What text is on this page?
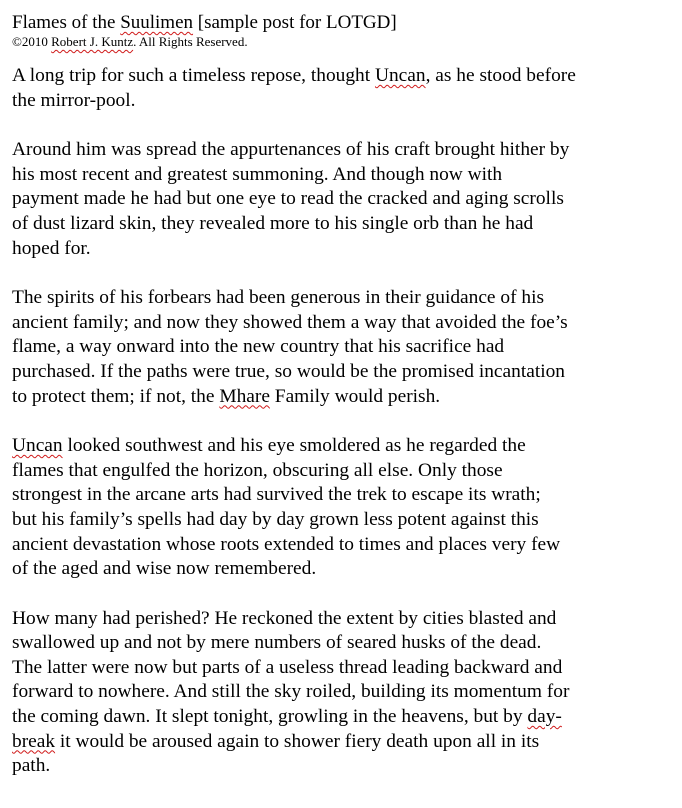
Flames of the Suulimen [sample post for LOTGD]

©2010 Robert J. Kuntz. All Rights Reserved.

A long trip for such a timeless repose, thought Uncan, as he stood before
the mirror-pool.

Around him was spread the appurtenances of his craft brought hither by
his most recent and greatest summoning. And though now with
payment made he had but one eye to read the cracked and aging scrolls
of dust lizard skin, they revealed more to his single orb than he had
hoped for.

The spirits of his forbears had been generous in their guidance of his
ancient family; and now they showed them a way that avoided the foe’s
flame, a way onward into the new country that his sacrifice had
purchased. If the paths were true, so would be the promised incantation
to protect them; if not, the Mhare Family would perish.

Uncan looked southwest and his eye smoldered as he regarded the
flames that engulfed the horizon, obscuring all else. Only those
strongest in the arcane arts had survived the trek to escape its wrath;
but his family’s spells had day by day grown less potent against this
ancient devastation whose roots extended to times and places very few
of the aged and wise now remembered.

How many had perished? He reckoned the extent by cities blasted and
swallowed up and not by mere numbers of seared husks of the dead.
The latter were now but parts of a useless thread leading backward and
forward to nowhere. And still the sky roiled, building its momentum for
the coming dawn. It slept tonight, growling in the heavens, but by day-
break it would be aroused again to shower fiery death upon all in its
path.
